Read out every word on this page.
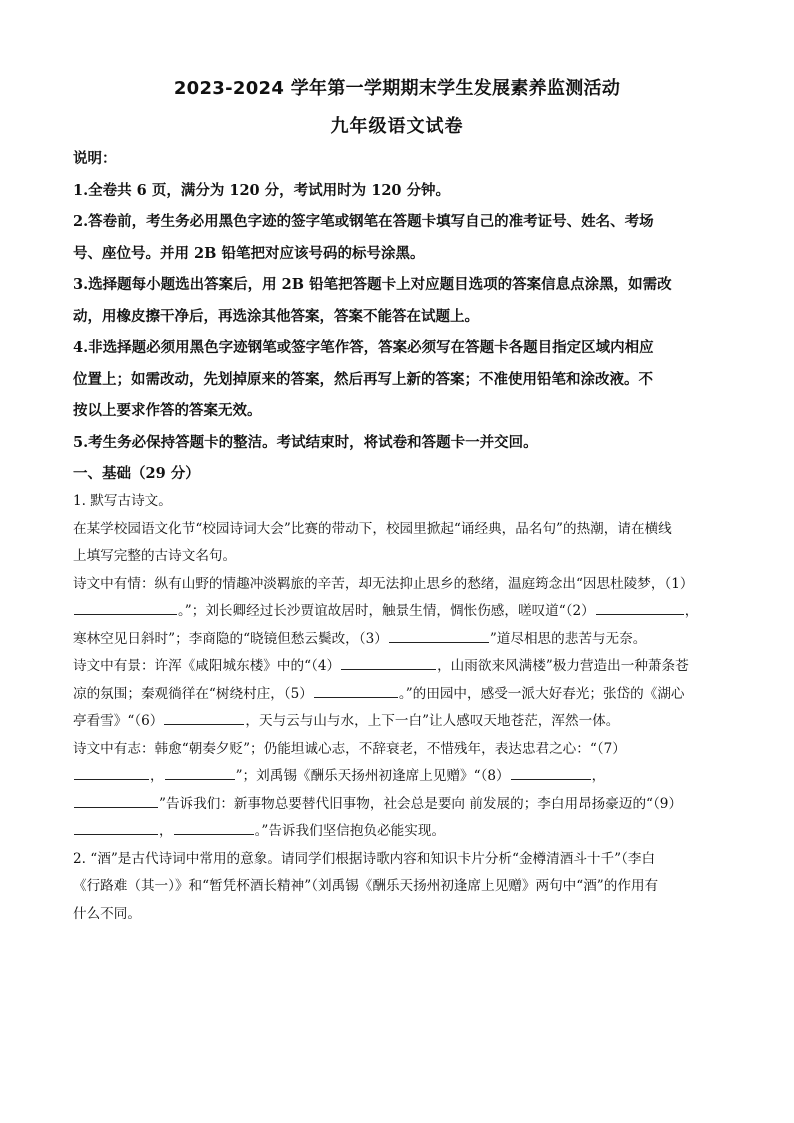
2023-2024 学年第一学期期末学生发展素养监测活动
九年级语文试卷
说明：
1.全卷共 6 页，满分为 120 分，考试用时为 120 分钟。
2.答卷前，考生务必用黑色字迹的签字笔或钢笔在答题卡填写自己的准考证号、姓名、考场
号、座位号。并用 2B 铅笔把对应该号码的标号涂黑。
3.选择题每小题选出答案后，用 2B 铅笔把答题卡上对应题目选项的答案信息点涂黑，如需改
动，用橡皮擦干净后，再选涂其他答案，答案不能答在试题上。
4.非选择题必须用黑色字迹钢笔或签字笔作答，答案必须写在答题卡各题目指定区域内相应
位置上；如需改动，先划掉原来的答案，然后再写上新的答案；不准使用铅笔和涂改液。不
按以上要求作答的答案无效。
5.考生务必保持答题卡的整洁。考试结束时，将试卷和答题卡一并交回。
一、基础（29 分）
1. 默写古诗文。
在某学校园语文化节“校园诗词大会”比赛的带动下，校园里掀起“诵经典，品名句”的热潮，请在横线
上填写完整的古诗文名句。
诗文中有情：纵有山野的情趣冲淡羁旅的辛苦，却无法抑止思乡的愁绪，温庭筠念出“因思杜陵梦，（1）
。”；刘长卿经过长沙贾谊故居时，触景生情，惆怅伤感，嗟叹道“（2）	，
寒林空见日斜时”；李商隐的“晓镜但愁云鬓改，（3）	”道尽相思的悲苦与无奈。
诗文中有景：许浑《咸阳城东楼》中的“（4）	，山雨欲来风满楼”极力营造出一种萧条苍
凉的氛围；秦观徜徉在“树绕村庄，（5）	。”的田园中，感受一派大好春光；张岱的《湖心
亭看雪》“（6）	，天与云与山与水，上下一白”让人感叹天地苍茫，浑然一体。
诗文中有志：韩愈“朝奏夕贬”；仍能坦诚心志，不辞衰老，不惜残年，表达忠君之心：“（7）
，	”；刘禹锡《酬乐天扬州初逢席上见赠》“（8）	，
”告诉我们：新事物总要替代旧事物，社会总是要向 前发展的；李白用昂扬豪迈的“（9）
，	。”告诉我们坚信抱负必能实现。
2. “酒”是古代诗词中常用的意象。请同学们根据诗歌内容和知识卡片分析“金樽清酒斗十千”（李白
《行路难（其一）》和“暂凭杯酒长精神”（刘禹锡《酬乐天扬州初逢席上见赠》两句中“酒”的作用有
什么不同。
